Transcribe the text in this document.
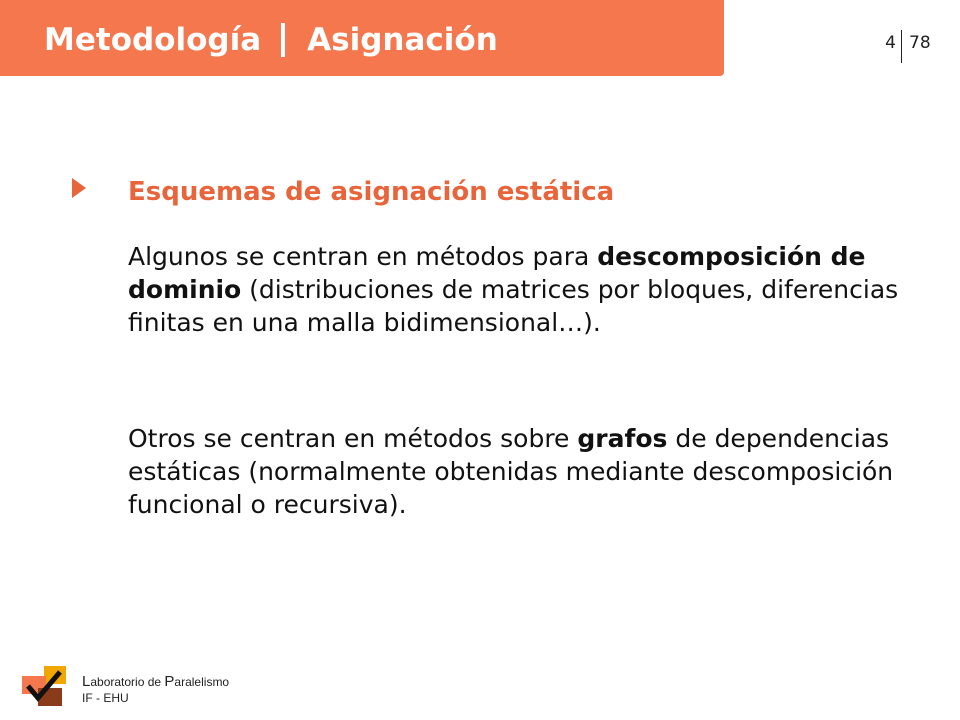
Metodología Asignación	4 78
Esquemas de asignación estática
Algunos se centran en métodos para descomposición de dominio (distribuciones de matrices por bloques, diferencias finitas en una malla bidimensional…).
Otros se centran en métodos sobre grafos de dependencias estáticas (normalmente obtenidas mediante descomposición funcional o recursiva).
Laboratorio de Paralelismo
IF - EHU
